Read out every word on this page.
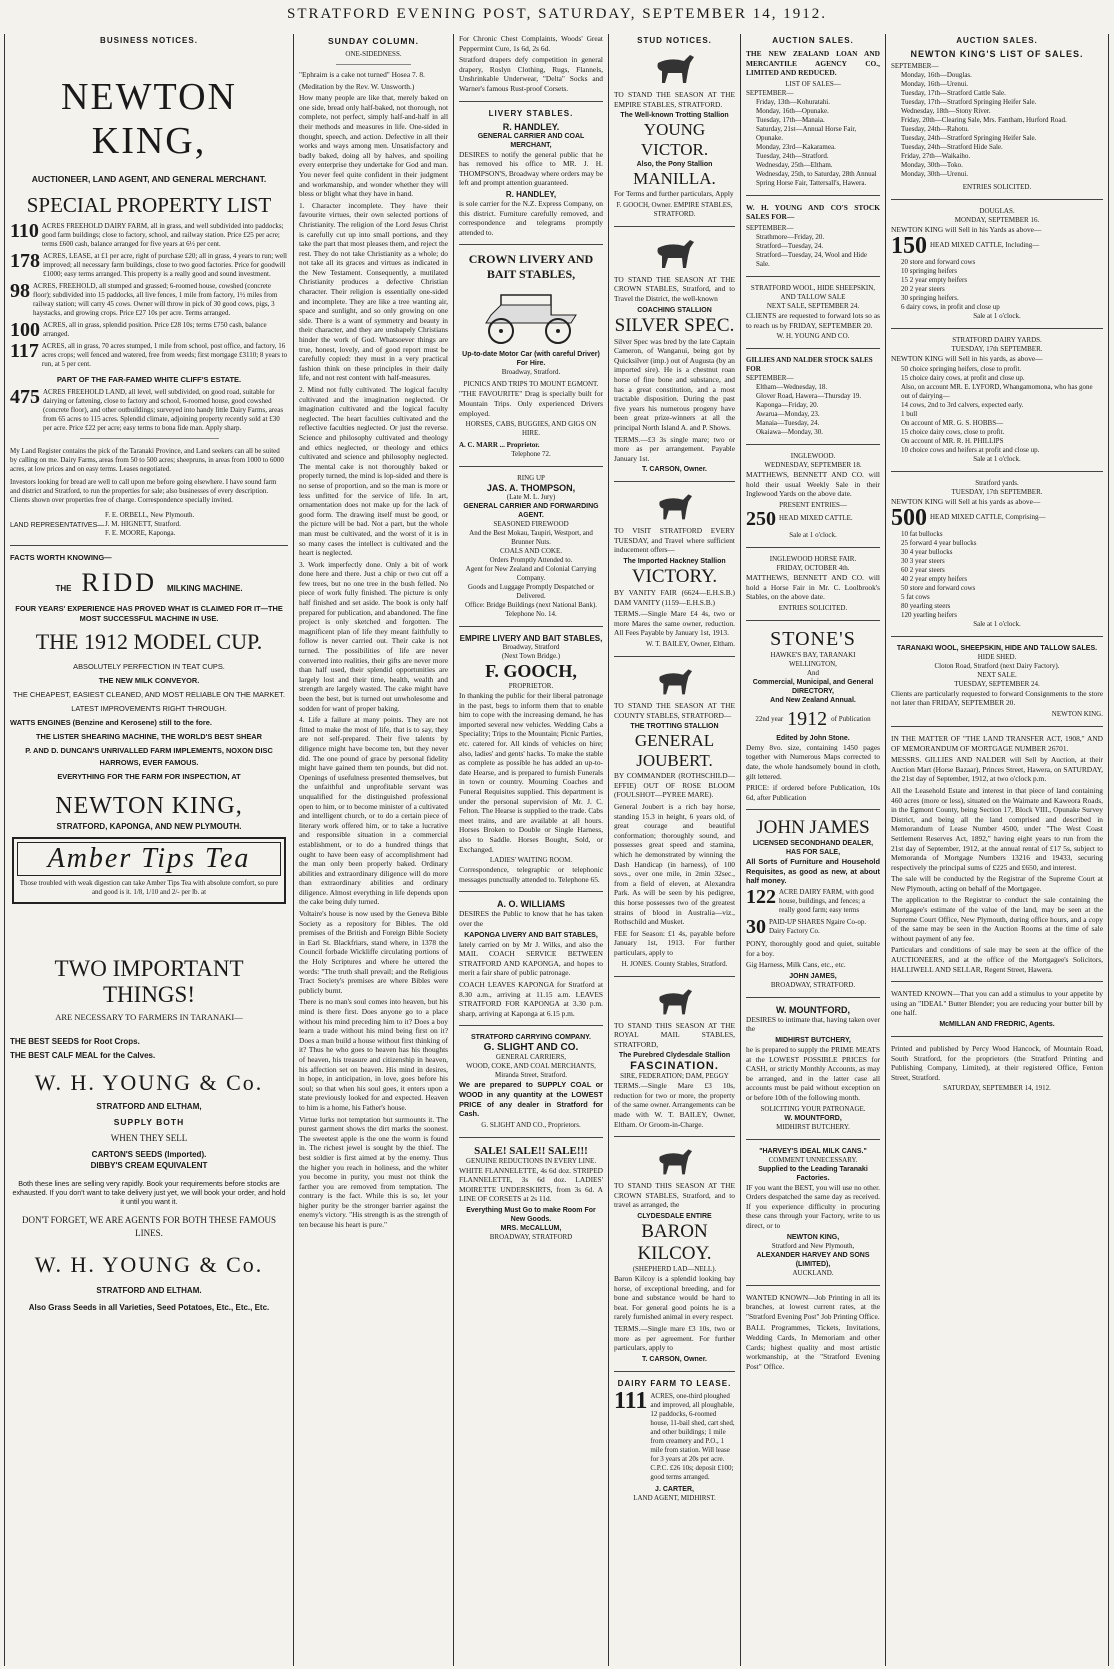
STRATFORD EVENING POST, SATURDAY, SEPTEMBER 14, 1912.
BUSINESS NOTICES.
NEWTON KING,
AUCTIONEER, LAND AGENT, AND GENERAL MERCHANT.
SPECIAL PROPERTY LIST
110 ACRES FREEHOLD DAIRY FARM, all in grass, and well subdivided into paddocks; good farm buildings; close to factory, school, and railway station. Price £25 per acre; terms £600 cash, balance arranged for five years at 6½ per cent.
178 ACRES, LEASE, at £1 per acre, right of purchase £20; all in grass, 4 years to run; well improved; all necessary farm buildings, close to two good factories. Price for goodwill £1000; easy terms arranged. This property is a really good and sound investment.
98 ACRES, FREEHOLD, all stumped and grassed; 6-roomed house, cowshed (concrete floor); subdivided into 15 paddocks, all live fences, 1 mile from factory, 1½ miles from railway station; will carry 45 cows. Owner will throw in pick of 30 good cows, pigs, 3 haystacks, and growing crops. Price £27 10s per acre. Terms arranged.
100 ACRES, all in grass, splendid position. Price £28 10s; terms £750 cash, balance arranged.
117 ACRES, all in grass, 70 acres stumped, 1 mile from school, post office, and factory, 16 acres crops; well fenced and watered, free from weeds; first mortgage £3110; 8 years to run, at 5 per cent.
PART OF THE FAR-FAMED WHITE CLIFF'S ESTATE.
475 ACRES FREEHOLD LAND, all level, well subdivided, on good road, suitable for dairying or fattening, close to factory and school, 6-roomed house, good cowshed (concrete floor), and other outbuildings; surveyed into handy little Dairy Farms, areas from 65 acres to 115 acres. Splendid climate, adjoining property recently sold at £30 per acre. Price £22 per acre; easy terms to bona fide man. Apply sharp.

My Land Register contains the pick of the Taranaki Province, and Land seekers can all be suited by calling on me. Dairy Farms, areas from 50 to 500 acres; sheepruns, in areas from 1000 to 6000 acres, at low prices and on easy terms. Leases negotiated.

Investors looking for bread are well to call upon me before going elsewhere. I have sound farm and district and Stratford, to run the properties for sale; also businesses of every description. Clients shown over properties free of charge. Correspondence specially invited.

LAND REPRESENTATIVES—

F. E. ORBELL, New Plymouth.

J. M. HIGNETT, Stratford.

F. E. MOORE, Kaponga.

FACTS WORTH KNOWING—
THE RIDD MILKING MACHINE.

FOUR YEARS' EXPERIENCE HAS PROVED WHAT IS CLAIMED FOR IT—THE MOST SUCCESSFUL MACHINE IN USE.

THE 1912 MODEL CUP.

ABSOLUTELY PERFECTION IN TEAT CUPS.

THE NEW MILK CONVEYOR.

THE CHEAPEST, EASIEST CLEANED, AND MOST RELIABLE ON THE MARKET.

LATEST IMPROVEMENTS RIGHT THROUGH.

WATTS ENGINES (Benzine and Kerosene) still to the fore.

THE LISTER SHEARING MACHINE, THE WORLD'S BEST SHEAR

P. AND D. DUNCAN'S UNRIVALLED FARM IMPLEMENTS, NOXON DISC HARROWS, EVER FAMOUS.

EVERYTHING FOR THE FARM FOR INSPECTION, AT

NEWTON KING,
STRATFORD, KAPONGA, AND NEW PLYMOUTH.
Amber Tips Tea

Those troubled with weak digestion can take Amber Tips Tea with absolute comfort, so pure and good is it. 1/8, 1/10 and 2/- per lb. at

TWO IMPORTANT THINGS!
ARE NECESSARY TO FARMERS IN TARANAKI—

THE BEST SEEDS for Root Crops.

THE BEST CALF MEAL for the Calves.

W. H. YOUNG & Co.
STRATFORD AND ELTHAM,
SUPPLY BOTH
WHEN THEY SELL
CARTON'S SEEDS (Imported).
DIBBY'S CREAM EQUIVALENT

Both these lines are selling very rapidly. Book your requirements before stocks are exhausted. If you don't want to take delivery just yet, we will book your order, and hold it until you want it.

DON'T FORGET, WE ARE AGENTS FOR BOTH THESE FAMOUS LINES.

W. H. YOUNG & Co.
STRATFORD AND ELTHAM.
Also Grass Seeds in all Varieties, Seed Potatoes, Etc., Etc., Etc.
SUNDAY COLUMN.
ONE-SIDEDNESS.

"Ephraim is a cake not turned" Hosea 7. 8.

(Meditation by the Rev. W. Unsworth.)

How many people are like that, merely baked on one side, bread only half-baked, not thorough, not complete, not perfect, simply half-and-half in all their methods and measures in life. One-sided in thought, speech, and action. Defective in all their works and ways among men. Unsatisfactory and badly baked, doing all by halves, and spoiling every enterprise they undertake for God and man. You never feel quite confident in their judgment and workmanship, and wonder whether they will bless or blight what they have in hand.

1. Character incomplete. They have their favourite virtues, their own selected portions of Christianity. The religion of the Lord Jesus Christ is carefully cut up into small portions, and they take the part that most pleases them, and reject the rest. They do not take Christianity as a whole; do not take all its graces and virtues as indicated in the New Testament. Consequently, a mutilated Christianity produces a defective Christian character. Their religion is essentially one-sided and incomplete. They are like a tree wanting air, space and sunlight, and so only growing on one side. There is a want of symmetry and beauty in their character, and they are unshapely Christians hinder the work of God. Whatsoever things are true, honest, lovely, and of good report must be carefully copied: they must in a very practical fashion think on these principles in their daily life, and not rest content with half-measures.

2. Mind not fully cultivated. The logical faculty cultivated and the imagination neglected. Or imagination cultivated and the logical faculty neglected. The heart faculties cultivated and the reflective faculties neglected. Or just the reverse. Science and philosophy cultivated and theology and ethics neglected, or theology and ethics cultivated and science and philosophy neglected. The mental cake is not thoroughly baked or properly turned, the mind is lop-sided and there is no sense of proportion, and so the man is more or less unfitted for the service of life. In art, ornamentation does not make up for the lack of good form. The drawing itself must be good, or the picture will be bad. Not a part, but the whole man must be cultivated, and the worst of it is in so many cases the intellect is cultivated and the heart is neglected.

3. Work imperfectly done. Only a bit of work done here and there. Just a chip or two cut off a few trees, but no one tree in the bush felled. No piece of work fully finished. The picture is only half finished and set aside. The book is only half prepared for publication, and abandoned. The fine project is only sketched and forgotten. The magnificent plan of life they meant faithfully to follow is never carried out. Their cake is not turned. The possibilities of life are never converted into realities, their gifts are never more than half used, their splendid opportunities are largely lost and their time, health, wealth and strength are largely wasted. The cake might have been the best, but is turned out unwholesome and sodden for want of proper baking.

4. Life a failure at many points. They are not fitted to make the most of life, that is to say, they are not self-prepared. Their five talents by diligence might have become ten, but they never did. The one pound of grace by personal fidelity might have gained them ten pounds, but did not. Openings of usefulness presented themselves, but the unfaithful and unprofitable servant was unqualified for the distinguished professional open to him, or to become minister of a cultivated and intelligent church, or to do a certain piece of literary work offered him, or to take a lucrative and responsible situation in a commercial establishment, or to do a hundred things that ought to have been easy of accomplishment had the man only been properly baked. Ordinary abilities and extraordinary diligence will do more than extraordinary abilities and ordinary diligence. Almost everything in life depends upon the cake being duly turned.

Voltaire's house is now used by the Geneva Bible Society as a repository for Bibles. The old premises of the British and Foreign Bible Society in Earl St. Blackfriars, stand where, in 1378 the Council forbade Wickliffe circulating portions of the Holy Scriptures and where he uttered the words: "The truth shall prevail; and the Religious Tract Society's premises are where Bibles were publicly burnt.

There is no man's soul comes into heaven, but his mind is there first. Does anyone go to a place without his mind preceding him to it? Does a boy learn a trade without his mind being first on it? Does a man build a house without first thinking of it? Thus he who goes to heaven has his thoughts of heaven, his treasure and citizenship in heaven, his affection set on heaven. His mind in desires, in hope, in anticipation, in love, goes before his soul; so that when his soul goes, it enters upon a state previously looked for and expected. Heaven to him is a home, his Father's house.

Virtue lurks not temptation but surmounts it. The purest garment shows the dirt marks the soonest. The sweetest apple is the one the worm is found in. The richest jewel is sought by the thief. The best soldier is first aimed at by the enemy. Thus the higher you reach in holiness, and the whiter you become in purity, you must not think the farther you are removed from temptation. The contrary is the fact. While this is so, let your higher purity be the stronger barrier against the enemy's victory. "His strength is as the strength of ten because his heart is pure."

For Chronic Chest Complaints, Woods' Great Peppermint Cure, 1s 6d, 2s 6d.

Stratford drapers defy competition in general drapery, Roslyn Clothing, Rugs, Flannels, Unshrinkable Underwear, "Delta" Socks and Warner's famous Rust-proof Corsets.

LIVERY STABLES.
R. HANDLEY.
GENERAL CARRIER AND COAL MERCHANT,

DESIRES to notify the general public that he has removed his office to MR. J. H. THOMPSON'S, Broadway where orders may be left and prompt attention guaranteed.

R. HANDLEY,

is sole carrier for the N.Z. Express Company, on this district. Furniture carefully removed, and correspondence and telegrams promptly attended to.

CROWN LIVERY AND BAIT STABLES,
Up-to-date Motor Car (with careful Driver) For Hire.
Broadway, Stratford.
PICNICS AND TRIPS TO MOUNT EGMONT.

"THE FAVOURITE" Drag is specially built for Mountain Trips. Only experienced Drivers employed.

HORSES, CABS, BUGGIES, AND GIGS ON HIRE.
A. C. MARR ... Proprietor.
Telephone 72.
RING UP
JAS. A. THOMPSON,
(Late M. L. Jury)
GENERAL CARRIER AND FORWARDING AGENT.
SEASONED FIREWOOD
And the Best Mokau, Taupiri, Westport, and Brunner Nuts.
COALS AND COKE.
Orders Promptly Attended to.
Agent for New Zealand and Colonial Carrying Company.
Goods and Luggage Promptly Despatched or Delivered.
Office: Bridge Buildings (next National Bank).
Telephone No. 14.
EMPIRE LIVERY AND BAIT STABLES,
Broadway, Stratford
(Next Town Bridge.)
F. GOOCH,
PROPRIETOR.

In thanking the public for their liberal patronage in the past, begs to inform them that to enable him to cope with the increasing demand, he has imported several new vehicles. Wedding Cabs a Speciality; Trips to the Mountain; Picnic Parties, etc. catered for. All kinds of vehicles on hire; also, ladies' and gents' hacks. To make the stable as complete as possible he has added an up-to-date Hearse, and is prepared to furnish Funerals in town or country. Mourning Coaches and Funeral Requisites supplied. This department is under the personal supervision of Mr. J. C. Felton. The Hearse is supplied to the trade. Cabs meet trains, and are available at all hours. Horses Broken to Double or Single Harness, also to Saddle. Horses Bought, Sold, or Exchanged.

LADIES' WAITING ROOM.

Correspondence, telegraphic or telephonic messages punctually attended to. Telephone 65.

A. O. WILLIAMS

DESIRES the Public to know that he has taken over the

KAPONGA LIVERY AND BAIT STABLES,

lately carried on by Mr J. Wilks, and also the MAIL COACH SERVICE BETWEEN STRATFORD AND KAPONGA, and hopes to merit a fair share of public patronage.

COACH LEAVES KAPONGA for Stratford at 8.30 a.m., arriving at 11.15 a.m. LEAVES STRATFORD FOR KAPONGA at 3.30 p.m. sharp, arriving at Kaponga at 6.15 p.m.

STRATFORD CARRYING COMPANY.
G. SLIGHT AND CO.
GENERAL CARRIERS,
WOOD, COKE, AND COAL MERCHANTS,
Miranda Street, Stratford.

We are prepared to SUPPLY COAL or WOOD in any quantity at the LOWEST PRICE of any dealer in Stratford for Cash.

G. SLIGHT AND CO., Proprietors.
SALE! SALE!! SALE!!!
GENUINE REDUCTIONS IN EVERY LINE.

WHITE FLANNELETTE, 4s 6d doz. STRIPED FLANNELETTE, 3s 6d doz. LADIES' MOIRETTE UNDERSKIRTS, from 3s 6d. A LINE OF CORSETS at 2s 11d.

Everything Must Go to make Room For New Goods.
MRS. McCALLUM,
BROADWAY, STRATFORD
STUD NOTICES.

TO STAND THE SEASON AT THE EMPIRE STABLES, STRATFORD.

The Well-known Trotting Stallion
YOUNG VICTOR.
Also, the Pony Stallion
MANILLA.

For Terms and further particulars, Apply

F. GOOCH, Owner. EMPIRE STABLES, STRATFORD.

TO STAND THE SEASON AT THE CROWN STABLES, Stratford, and to Travel the District, the well-known

COACHING STALLION
SILVER SPEC.

Silver Spec was bred by the late Captain Cameron, of Wanganui, being got by Quicksilver (imp.) out of Augusta (by an imported sire). He is a chestnut roan horse of fine bone and substance, and has a great constitution, and a most tractable disposition. During the past five years his numerous progeny have been great prize-winners at all the principal North Island A. and P. Shows.

TERMS.—£3 3s single mare; two or more as per arrangement. Payable January 1st.

T. CARSON, Owner.

TO VISIT STRATFORD EVERY TUESDAY, and Travel where sufficient inducement offers—

The Imported Hackney Stallion
VICTORY.

BY VANITY FAIR (6624—E.H.S.B.) DAM VANITY (1159—E.H.S.B.)

TERMS.—Single Mare £4 4s, two or more Mares the same owner, reduction. All Fees Payable by January 1st, 1913.

W. T. BAILEY, Owner, Eltham.

TO STAND THE SEASON AT THE COUNTY STABLES, STRATFORD—

THE TROTTING STALLION
GENERAL JOUBERT.

BY COMMANDER (ROTHSCHILD—EFFIE) OUT OF ROSE BLOOM (FOULSHOT—PYREE MARE).

General Joubert is a rich bay horse, standing 15.3 in height, 6 years old, of great courage and beautiful conformation; thoroughly sound, and possesses great speed and stamina, which he demonstrated by winning the Dash Handicap (in harness), of 100 sovs., over one mile, in 2min 32sec., from a field of eleven, at Alexandra Park. As will be seen by his pedigree, this horse possesses two of the greatest strains of blood in Australia—viz., Rothschild and Musket.

FEE for Season: £1 4s, payable before January 1st, 1913. For further particulars, apply to

H. JONES. County Stables, Stratford.

TO STAND THIS SEASON AT THE ROYAL MAIL STABLES, STRATFORD,

The Purebred Clydesdale Stallion
FASCINATION.
SIRE, FEDERATION; DAM, PEGGY

TERMS.—Single Mare £3 10s, reduction for two or more, the property of the same owner. Arrangements can be made with W. T. BAILEY, Owner, Eltham. Or Groom-in-Charge.

TO STAND THIS SEASON AT THE CROWN STABLES, Stratford, and to travel as arranged, the

CLYDESDALE ENTIRE
BARON KILCOY.
(SHEPHERD LAD—NELL).

Baron Kilcoy is a splendid looking bay horse, of exceptional breeding, and for bone and substance would be hard to beat. For general good points he is a rarely furnished animal in every respect.

TERMS.—Single mare £3 10s, two or more as per agreement. For further particulars, apply to

T. CARSON, Owner.
DAIRY FARM TO LEASE.
111 ACRES, one-third ploughed and improved, all ploughable, 12 paddocks, 6-roomed house, 11-bail shed, cart shed, and other buildings; 1 mile from creamery and P.O., 1 mile from station. Will lease for 3 years at 20s per acre. C.P.C. £26 10s; deposit £100; good terms arranged.
J. CARTER,
LAND AGENT, MIDHIRST.
AUCTION SALES.

THE NEW ZEALAND LOAN AND MERCANTILE AGENCY CO., LIMITED AND REDUCED.

LIST OF SALES—
SEPTEMBER—

Friday, 13th—Kohuratahi.

Monday, 16th—Opunake.

Tuesday, 17th—Manaia.

Saturday, 21st—Annual Horse Fair, Opunake.

Monday, 23rd—Kakaramea.

Tuesday, 24th—Stratford.

Wednesday, 25th—Eltham.

Wednesday, 25th, to Saturday, 28th Annual Spring Horse Fair, Tattersall's, Hawera.

W. H. YOUNG AND CO'S STOCK SALES FOR—

SEPTEMBER—

Strathmore—Friday, 20.

Stratford—Tuesday, 24.

Stratford—Tuesday, 24, Wool and Hide Sale.

STRATFORD WOOL, HIDE SHEEPSKIN, AND TALLOW SALE
NEXT SALE, SEPTEMBER 24.

CLIENTS are requested to forward lots so as to reach us by FRIDAY, SEPTEMBER 20.

W. H. YOUNG AND CO.
GILLIES AND NALDER STOCK SALES FOR
SEPTEMBER—

Eltham—Wednesday, 18.

Glover Road, Hawera—Thursday 19.

Kaponga—Friday, 20.

Awarua—Monday, 23.

Manaia—Tuesday, 24.

Okaiawa—Monday, 30.

INGLEWOOD.
WEDNESDAY, SEPTEMBER 18.

MATTHEWS, BENNETT AND CO. will hold their usual Weekly Sale in their Inglewood Yards on the above date.

PRESENT ENTRIES—
250 HEAD MIXED CATTLE.
Sale at 1 o'clock.
INGLEWOOD HORSE FAIR.
FRIDAY, OCTOBER 4th.

MATTHEWS, BENNETT AND CO. will hold a Horse Fair in Mr. C. Loolbrook's Stables, on the above date.

ENTRIES SOLICITED.
STONE'S
HAWKE'S BAY, TARANAKI WELLINGTON,
And
Commercial, Municipal, and General DIRECTORY,
And New Zealand Annual.
22nd year 1912 of Publication
Edited by John Stone.

Demy 8vo. size, containing 1450 pages together with Numerous Maps corrected to date, the whole handsomely bound in cloth, gilt lettered.

PRICE: if ordered before Publication, 10s 6d, after Publication

JOHN JAMES
LICENSED SECONDHAND DEALER,
HAS FOR SALE,

All Sorts of Furniture and Household Requisites, as good as new, at about half money.

122 ACRE DAIRY FARM, with good house, buildings, and fences; a really good farm; easy terms
30 PAID-UP SHARES Ngaire Co-op. Dairy Factory Co.

PONY, thoroughly good and quiet, suitable for a boy.

Gig Harness, Milk Cans, etc., etc.

JOHN JAMES,
BROADWAY, STRATFORD.
W. MOUNTFORD,

DESIRES to intimate that, having taken over the

MIDHIRST BUTCHERY,

he is prepared to supply the PRIME MEATS at the LOWEST POSSIBLE PRICES for CASH, or strictly Monthly Accounts, as may be arranged, and in the latter case all accounts must be paid without exception on or before 10th of the following month.

SOLICITING YOUR PATRONAGE.
W. MOUNTFORD,
MIDHIRST BUTCHERY.
"HARVEY'S IDEAL MILK CANS."
COMMENT UNNECESSARY.
Supplied to the Leading Taranaki Factories.

IF you want the BEST, you will use no other. Orders despatched the same day as received. If you experience difficulty in procuring these cans through your Factory, write to us direct, or to

NEWTON KING,
Stratford and New Plymouth,
ALEXANDER HARVEY AND SONS (LIMITED),
AUCKLAND.

WANTED KNOWN—Job Printing in all its branches, at lowest current rates, at the "Stratford Evening Post" Job Printing Office.

BALL Programmes, Tickets, Invitations, Wedding Cards, In Memoriam and other Cards; highest quality and most artistic workmanship, at the "Stratford Evening Post" Office.

AUCTION SALES.
NEWTON KING'S LIST OF SALES.
SEPTEMBER—

Monday, 16th—Douglas.

Monday, 16th—Urenui.

Tuesday, 17th—Stratford Cattle Sale.

Tuesday, 17th—Stratford Springing Heifer Sale.

Wednesday, 18th—Stony River.

Friday, 20th—Clearing Sale, Mrs. Fantham, Hurford Road.

Tuesday, 24th—Rahotu.

Tuesday, 24th—Stratford Springing Heifer Sale.

Tuesday, 24th—Stratford Hide Sale.

Friday, 27th—Waikaiho.

Monday, 30th—Toko.

Monday, 30th—Urenui.

ENTRIES SOLICITED.
DOUGLAS.
MONDAY, SEPTEMBER 16.

NEWTON KING will Sell in his Yards as above—

150 HEAD MIXED CATTLE, Including—

20 store and forward cows

10 springing heifers

15 2 year empty heifers

20 2 year steers

30 springing heifers.

6 dairy cows, in profit and close up

Sale at 1 o'clock.
STRATFORD DAIRY YARDS.
TUESDAY, 17th SEPTEMBER.

NEWTON KING will Sell in his yards, as above—

50 choice springing heifers, close to profit.

15 choice dairy cows, at profit and close up.

Also, on account MR. E. LYFORD, Whangamomona, who has gone out of dairying—

14 cows, 2nd to 3rd calvers, expected early.

1 bull

On account of MR. G. S. HOBBS—

15 choice dairy cows, close to profit.

On account of MR. R. H. PHILLIPS

10 choice cows and heifers at profit and close up.

Sale at 1 o'clock.
Stratford yards.
TUESDAY, 17th SEPTEMBER.

NEWTON KING will Sell at his yards as above—

500 HEAD MIXED CATTLE, Comprising—

10 fat bullocks

25 forward 4 year bullocks

30 4 year bullocks

30 3 year steers

60 2 year steers

40 2 year empty heifers

50 store and forward cows

5 fat cows

80 yearling steers

120 yearling heifers

Sale at 1 o'clock.
TARANAKI WOOL, SHEEPSKIN, HIDE AND TALLOW SALES.
HIDE SHED.
Cloton Road, Stratford (next Dairy Factory).
NEXT SALE.
TUESDAY, SEPTEMBER 24.

Clients are particularly requested to forward Consignments to the store not later than FRIDAY, SEPTEMBER 20.

NEWTON KING.

IN THE MATTER OF "THE LAND TRANSFER ACT, 1908," AND OF MEMORANDUM OF MORTGAGE NUMBER 26701.

MESSRS. GILLIES AND NALDER will Sell by Auction, at their Auction Mart (Horse Bazaar), Princes Street, Hawera, on SATURDAY, the 21st day of September, 1912, at two o'clock p.m.

All the Leasehold Estate and interest in that piece of land containing 460 acres (more or less), situated on the Waimate and Kaweora Roads, in the Egmont County, being Section 17, Block VIII., Opunake Survey District, and being all the land comprised and described in Memorandum of Lease Number 4500, under "The West Coast Settlement Reserves Act, 1892," having eight years to run from the 21st day of September, 1912, at the annual rental of £17 5s, subject to Memoranda of Mortgage Numbers 13216 and 19433, securing respectively the principal sums of £225 and £650, and interest.

The sale will be conducted by the Registrar of the Supreme Court at New Plymouth, acting on behalf of the Mortgagee.

The application to the Registrar to conduct the sale containing the Mortgagee's estimate of the value of the land, may be seen at the Supreme Court Office, New Plymouth, during office hours, and a copy of the same may be seen in the Auction Rooms at the time of sale without payment of any fee.

Particulars and conditions of sale may be seen at the office of the AUCTIONEERS, and at the office of the Mortgagee's Solicitors, HALLIWELL AND SELLAR, Regent Street, Hawera.

WANTED KNOWN—That you can add a stimulus to your appetite by using an "IDEAL" Butter Blender; you are reducing your butter bill by one half.

McMILLAN AND FREDRIC, Agents.

Printed and published by Percy Wood Hancock, of Mountain Road, South Stratford, for the proprietors (the Stratford Printing and Publishing Company, Limited), at their registered Office, Fenton Street, Stratford.

SATURDAY, SEPTEMBER 14, 1912.
